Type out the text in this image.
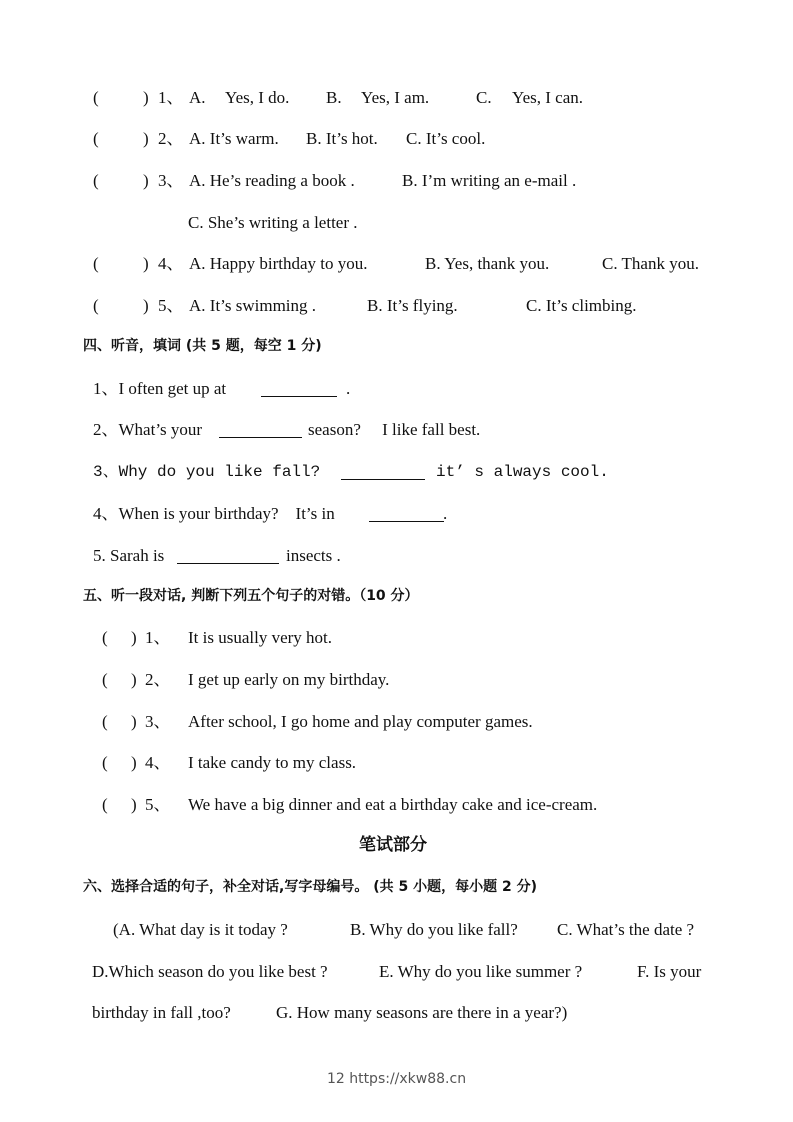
(	) 1、 A. Yes, I do. B. Yes, I am.	C. Yes, I can.
(	) 2、 A. It’s warm. B. It’s hot. C. It’s cool.
(	) 3、 A. He’s reading a book .	B. I’m writing an e-mail .
C. She’s writing a letter .
(	) 4、 A. Happy birthday to you.	B. Yes, thank you.	C. Thank you.
(	) 5、 A. It’s swimming .	B. It’s flying.	C. It’s climbing.
四、听音，填词 (共 5 题，每空 1 分)
1、I often get up at	.
2、What’s your	season?     I like fall best.
3、Why do you like fall?	it’ s always cool.
4、When is your birthday?    It’s in	.
5. Sarah is	insects .
五、听一段对话, 判断下列五个句子的对错。（10 分）
( ) 1、 It is usually very hot.
( ) 2、 I get up early on my birthday.
( ) 3、 After school, I go home and play computer games.
( ) 4、 I take candy to my class.
( ) 5、 We have a big dinner and eat a birthday cake and ice-cream.
笔试部分
六、选择合适的句子，补全对话,写字母编号。 (共 5 小题，每小题 2 分)
(A. What day is it today ?	B. Why do you like fall? C. What’s the date ?
D.Which season do you like best ?	E. Why do you like summer ?	F. Is your
birthday in fall ,too?	G. How many seasons are there in a year?)
12 https://xkw88.cn
